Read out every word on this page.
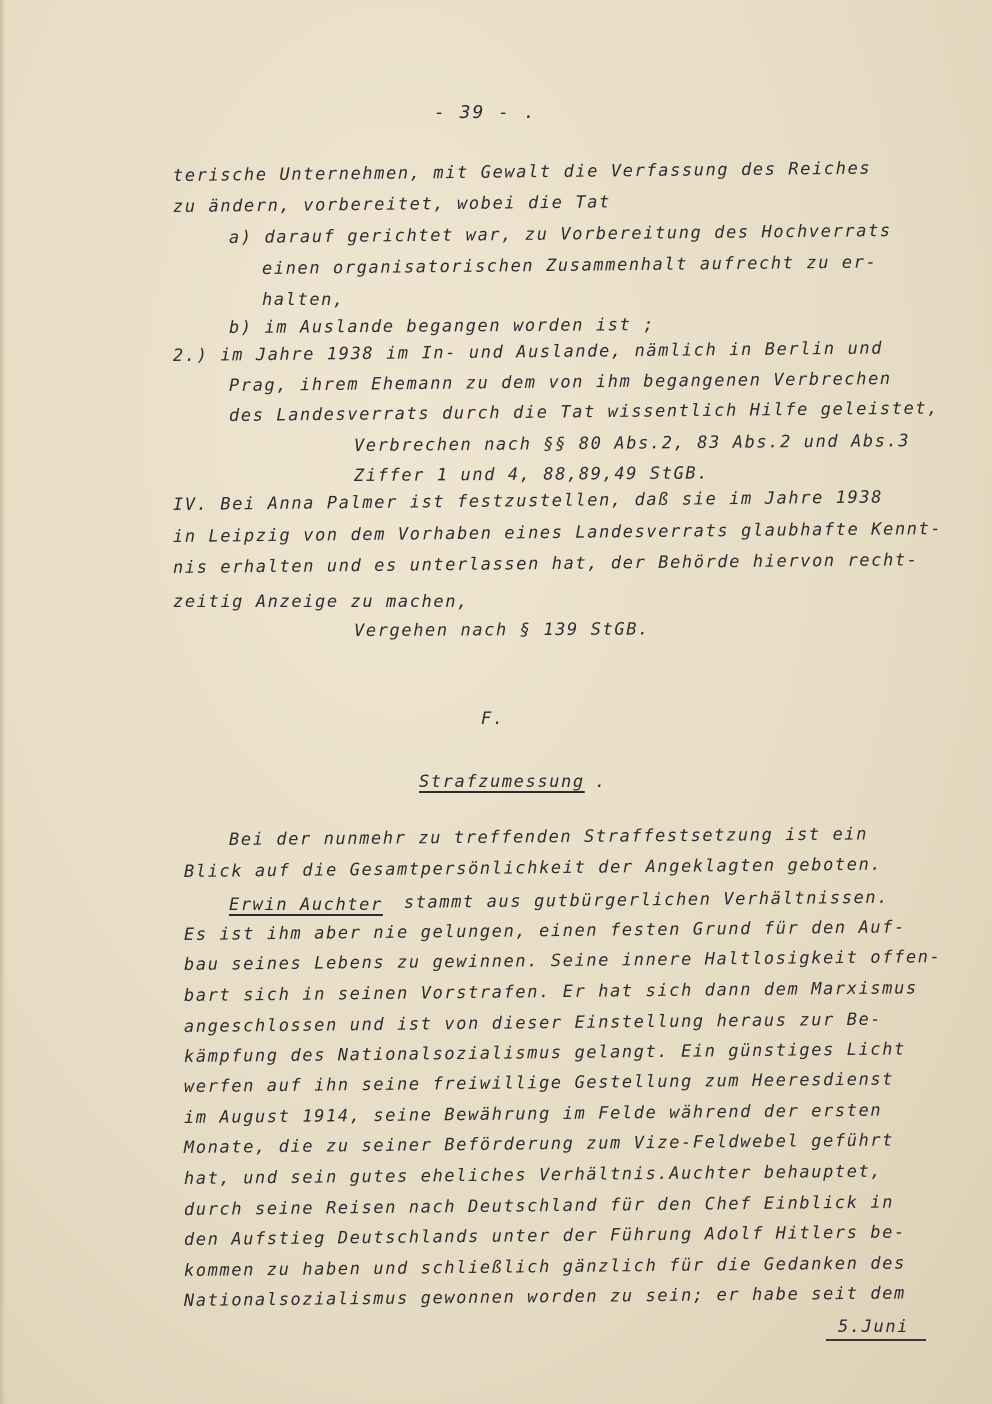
- 39 - .
terische Unternehmen, mit Gewalt die Verfassung des Reiches
zu ändern, vorbereitet, wobei die Tat
a) darauf gerichtet war, zu Vorbereitung des Hochverrats
einen organisatorischen Zusammenhalt aufrecht zu er-
halten,
b) im Auslande begangen worden ist ;
2.) im Jahre 1938 im In- und Auslande, nämlich in Berlin und
Prag, ihrem Ehemann zu dem von ihm begangenen Verbrechen
des Landesverrats durch die Tat wissentlich Hilfe geleistet,
Verbrechen nach §§ 80 Abs.2, 83 Abs.2 und Abs.3
Ziffer 1 und 4, 88,89,49 StGB.
IV. Bei Anna Palmer ist festzustellen, daß sie im Jahre 1938
in Leipzig von dem Vorhaben eines Landesverrats glaubhafte Kennt-
nis erhalten und es unterlassen hat, der Behörde hiervon recht-
zeitig Anzeige zu machen,
Vergehen nach § 139 StGB.
F.
Strafzumessung .
Bei der nunmehr zu treffenden Straffestsetzung ist ein
Blick auf die Gesamtpersönlichkeit der Angeklagten geboten.
Erwin Auchter stammt aus gutbürgerlichen Verhältnissen.
Es ist ihm aber nie gelungen, einen festen Grund für den Auf-
bau seines Lebens zu gewinnen. Seine innere Haltlosigkeit offen-
bart sich in seinen Vorstrafen. Er hat sich dann dem Marxismus
angeschlossen und ist von dieser Einstellung heraus zur Be-
kämpfung des Nationalsozialismus gelangt. Ein günstiges Licht
werfen auf ihn seine freiwillige Gestellung zum Heeresdienst
im August 1914, seine Bewährung im Felde während der ersten
Monate, die zu seiner Beförderung zum Vize-Feldwebel geführt
hat, und sein gutes eheliches Verhältnis.Auchter behauptet,
durch seine Reisen nach Deutschland für den Chef Einblick in
den Aufstieg Deutschlands unter der Führung Adolf Hitlers be-
kommen zu haben und schließlich gänzlich für die Gedanken des
Nationalsozialismus gewonnen worden zu sein; er habe seit dem
5.Juni
